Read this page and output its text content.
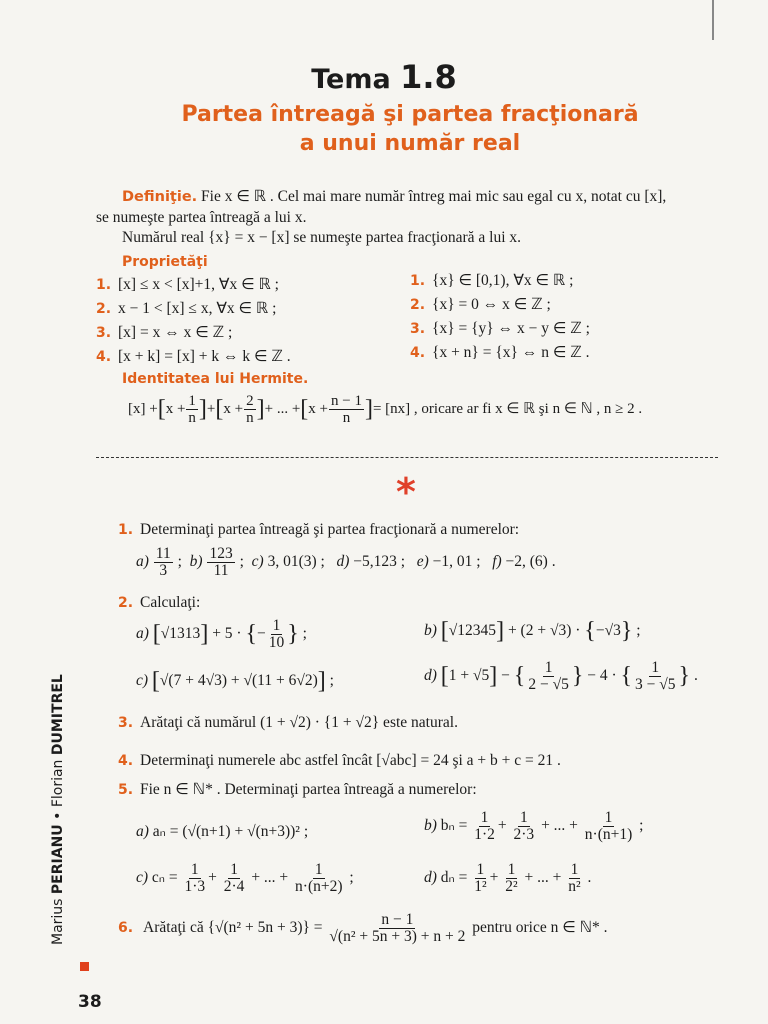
Tema 1.8
Partea întreagă şi partea fracţionară
a unui număr real
Definiţie. Fie x ∈ ℝ . Cel mai mare număr întreg mai mic sau egal cu x, notat cu [x],
se numeşte partea întreagă a lui x.
Numărul real {x} = x − [x] se numeşte partea fracţionară a lui x.
Proprietăţi
1. [x] ≤ x < [x]+1, ∀x ∈ ℝ ;
2. x − 1 < [x] ≤ x, ∀x ∈ ℝ ;
3. [x] = x ⇔ x ∈ ℤ ;
4. [x + k] = [x] + k ⇔ k ∈ ℤ .
1. {x} ∈ [0,1), ∀x ∈ ℝ ;
2. {x} = 0 ⇔ x ∈ ℤ ;
3. {x} = {y} ⇔ x − y ∈ ℤ ;
4. {x + n} = {x} ⇔ n ∈ ℤ .
Identitatea lui Hermite.
$[x] +[x + \frac{1}{n} ]+[x + \frac{2}{n}$ ]+ ... $+[x + \frac{n - 1}{n}$ ]= [nx] , oricare ar fi x ∈ ℝ şi n ∈ ℕ , n ≥ 2 .
*
1. Determinaţi partea întreagă şi partea fracţionară a numerelor:
$a) \frac{11}{3}$ ; $b) \frac{123}{11}$ ; c) 3, 01(3) ; d) −5,123 ; e) −1, 01 ; f) −2, (6) .
2. Calculaţi:
a) [√1313] + 5 · {− $\frac{1}{10}$ } ;	b) [√12345] + (2 + √3) · {−√3} ;
c) [√(7 + 4√3) + √(11 + 6√2)] ;	d) [1 + √5] − { $\frac{1}{2 - √5}$ } − 4 · { $\frac{1}{3 - √5}$ } .
3. Arătaţi că numărul (1 + √2) · {1 + √2} este natural.
4. Determinaţi numerele abc astfel încât [√abc] = 24 şi a + b + c = 21 .
5. Fie n ∈ ℕ* . Determinaţi partea întreagă a numerelor:
a) aₙ = (√(n+1) + √(n+3))² ;	b) $b_n = \frac{1}{1\cdot 2} + \frac{1}{2\cdot 3}$ + ... + $\frac{1}{n\cdot(n+1)}$ ;
c) $c_n = \frac{1}{1\cdot 3} + \frac{1}{2\cdot 4}$ + ... + $\frac{1}{n\cdot(n+2)}$ ;	d) $d_n = \frac{1}{\text{1²}} + \frac{1}{\text{2²}}$ + ... + $\frac{1}{\text{n²}}$ .
6. Arătaţi că $\{√(n^2 + 5n + 3)\} = \frac{n - 1}{\text{√(n² + 5n + 3) + n + 2}}$ pentru orice n ∈ ℕ* .
Marius PERIANU • Florian DUMITREL
38
